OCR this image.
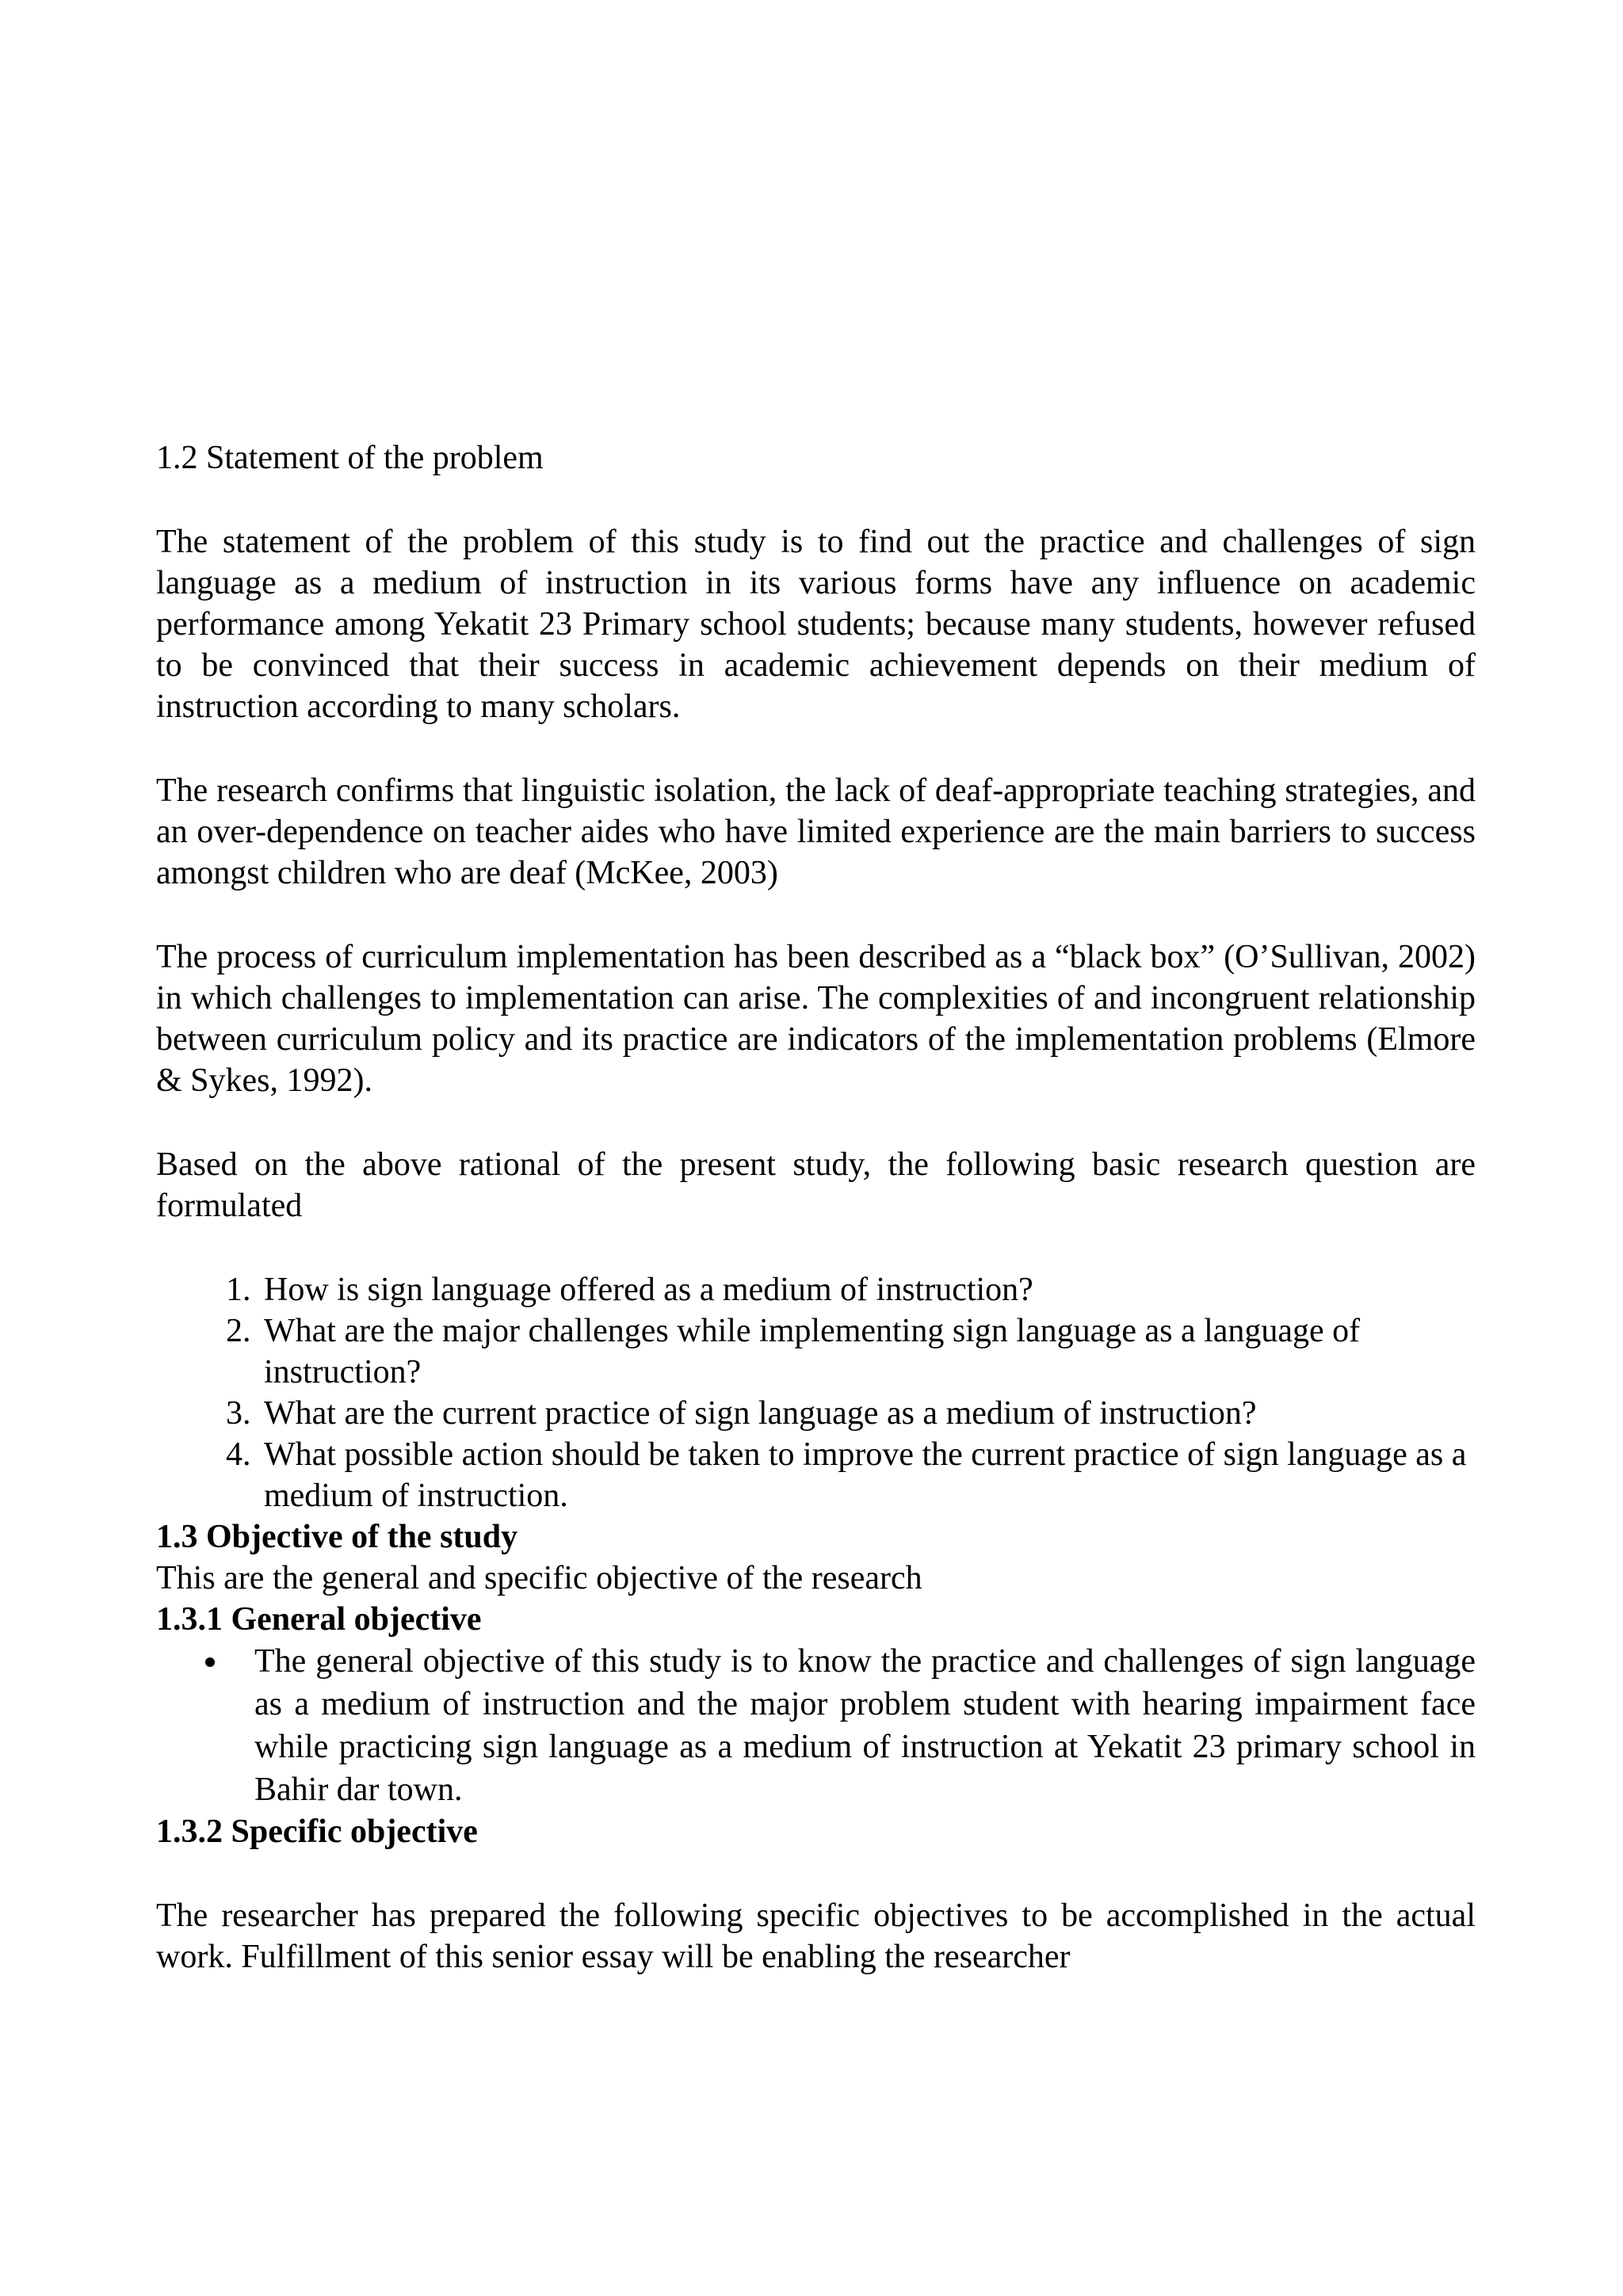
1.2 Statement of the problem

The statement of the problem of this study is to find out the practice and challenges of sign language as a medium of instruction in its various forms have any influence on academic performance among Yekatit 23 Primary school students; because many students, however refused to be convinced that their success in academic achievement depends on their medium of instruction according to many scholars.

The research confirms that linguistic isolation, the lack of deaf-appropriate teaching strategies, and an over-dependence on teacher aides who have limited experience are the main barriers to success amongst children who are deaf (McKee, 2003)

The process of curriculum implementation has been described as a “black box” (O’Sullivan, 2002) in which challenges to implementation can arise. The complexities of and incongruent relationship between curriculum policy and its practice are indicators of the implementation problems (Elmore & Sykes, 1992).

Based on the above rational of the present study, the following basic research question are formulated

1. How is sign language offered as a medium of instruction?
2. What are the major challenges while implementing sign language as a language of instruction?
3. What are the current practice of sign language as a medium of instruction?
4. What possible action should be taken to improve the current practice of sign language as a medium of instruction.
1.3 Objective of the study

This are the general and specific objective of the research

1.3.1 General objective
The general objective of this study is to know the practice and challenges of sign language as a medium of instruction and the major problem student with hearing impairment face while practicing sign language as a medium of instruction at Yekatit 23 primary school in   Bahir dar town.
1.3.2 Specific objective

The researcher has prepared the following specific objectives to be accomplished in the actual work. Fulfillment of this senior essay will be enabling the researcher
